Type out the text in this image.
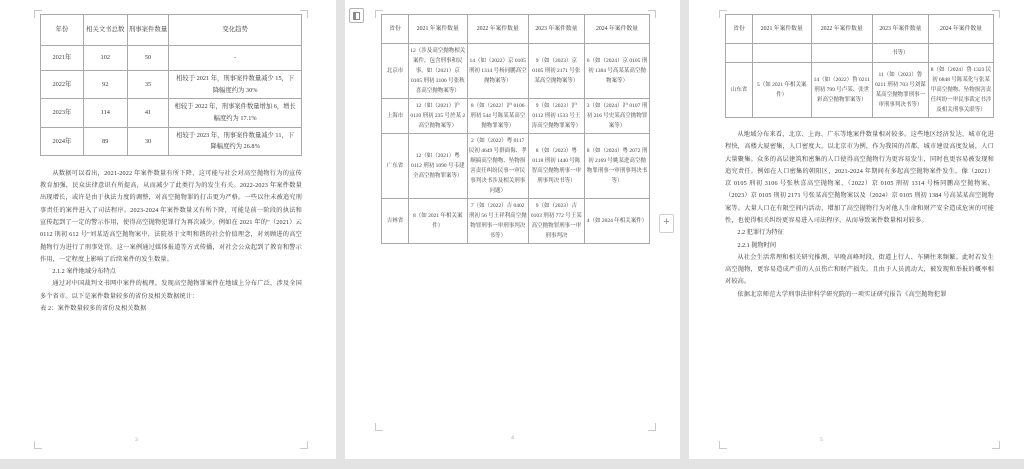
年份	相关文书总数	刑事案件数量	变化趋势
2021年	102	50	-
2022年	92	35	相较于 2021 年，刑事案件数量减少 15，下降幅度约为 30%
2023年	114	41	相较于 2022 年，刑事案件数量增加 6，增长幅度约为 17.1%
2024年	89	30	相较于 2023 年，刑事案件数量减少 11，下降幅度约为 26.8%

从数据可以看出，2021-2022 年案件数量有所下降，这可能与社会对高空抛物行为的宣传教育加强，民众法律意识有所提高，从而减少了此类行为的发生有关。2022-2023 年案件数量出现增长，或许是由于执法力度的调整，对高空抛物罪的打击更为严格。一些以往未被追究刑事责任的案件进入了司法程序。2023-2024 年案件数量又有所下降，可能是前一阶段的执法和宣传起到了一定的警示作用，使得高空抛物犯罪行为再次减少。例如在 2021 年的"（2021）云 0112 刑初 612 号"刘某适高空抛物案中，法院基于文明和谐的社会价值理念，对刘顾进的高空抛物行为进行了刑事处罚。这一案例通过媒体报道等方式传播，对社会公众起到了教育和警示作用，一定程度上影响了后续案件的发生数量。

2.1.2 案件地域分布特点

通过对中国裁判文书网中案件的梳理，发现高空抛物罪案件在地域上分布广泛，涉及全国多个省市。以下是案件数量较多的省份及相关数据统计：

表 2：案件数量较多的省份及相关数据

3
+
省份	2021 年案件数量	2022 年案件数量	2023 年案件数量	2024 年案件数量
北京市	12（涉及高空抛物相关案件，包含刑事和民事，如（2021）京 0105 刑初 3106 号张秋喜高空抛物案等）	14（如（2022）京 0105 刑初 1314 号杨同鹏高空抛物案等）	9（如（2023）京 0105 刑初 2171 号张某高空抛物案等）	6（如（2024）京 0105 刑初 1384 号高某某高空抛物案等）
上海市	12（如（2021）沪 0110 刑初 235 号於某 2 高空抛物案等）	8（如（2022）沪 0106 刑初 544 号陈某某高空抛物罪案等）	9（如（2023）沪 0112 刑初 1533 号王涛高空抛物罪案等）	3（如（2024）沪 0107 刑初 216 号史某高空抛物罪案等）
广东省	12（如（2021）粤 0112 刑初 1090 号韦建全高空抛物罪案等）	2（如（2022）粤 0117 民初 4649 号群面侮、孝顺搞高空抛物、坠物损害责任纠纷民事一审民事判决书涉及相关刑事问题）	8（如（2023）粤 0118 刑初 1440 号陈智高空抛物刑事一审刑事判决书等）	8（如（2024）粤 2072 刑初 2169 号姚某进高空抛物罪刑事一审刑事判决书等）
吉林省	8（如 2021 年相关案件）	7（如（2022）吉 0402 刑初 56 号王祥利高空抛物罪刑事一审刑事判决书等）	9（如（2023）吉 0103 刑初 772 号王某高空抛物罪刑事一审刑事判决	4（如 2024 年相关案件）
4
省份	2021 年案件数量	2022 年案件数量	2023 年案件数量	2024 年案件数量
			书等）	
山东省	5（如 2021 年相关案件）	14（如（2022）鲁 0211 刑初 799 号卢某、张世彩高空抛物罪案等）	11（如（2023）鲁 0211 刑初 703 号刘谋某高空抛物罪刑事一审刑事判决书等）	8（如（2024）鲁 1323 民初 6848 号陈某化与张某甲高空抛物、坠物损害责任纠纷一审民事裁定书涉及相关刑事关联等）

从地域分布来看，北京、上海、广东等地案件数量相对较多。这些地区经济发达，城市化进程快，高楼大厦密集，人口密度大。以北京市为例，作为我国的首都，城市建设高度发展，人口大量聚集。众多的高层建筑和密集的人口使得高空抛物行为更容易发生，同时也更容易被发现和追究责任。例如在人口密集的朝阳区，2021-2024 年期间有多起高空抛物案件发生。像（2021）京 0105 刑初 3106 号张秋喜高空抛物案、（2022）京 0105 刑初 1314 号杨同鹏高空抛物案、（2023）京 0105 刑初 2171 号张某高空抛物案以及（2024）京 0105 刑初 1384 号高某某高空抛物案等。大量人口在有限空间内活动，增加了高空抛物行为对他人生命和财产安全造成危害的可能性，也使得相关纠纷更容易进入司法程序，从而导致案件数量相对较多。

2.2 犯罪行为特征

2.2.1 抛物时间

从社会生活常理和相关研究推测，早晚高峰时段，街道上行人、车辆往来频繁。此时若发生高空抛物，更容易造成严重的人员伤亡和财产损失。且由于人员流动大，被发现和举报的概率相对较高。

依据北京师范大学刑事法律科学研究院的一项实证研究报告《高空抛物犯罪

5
